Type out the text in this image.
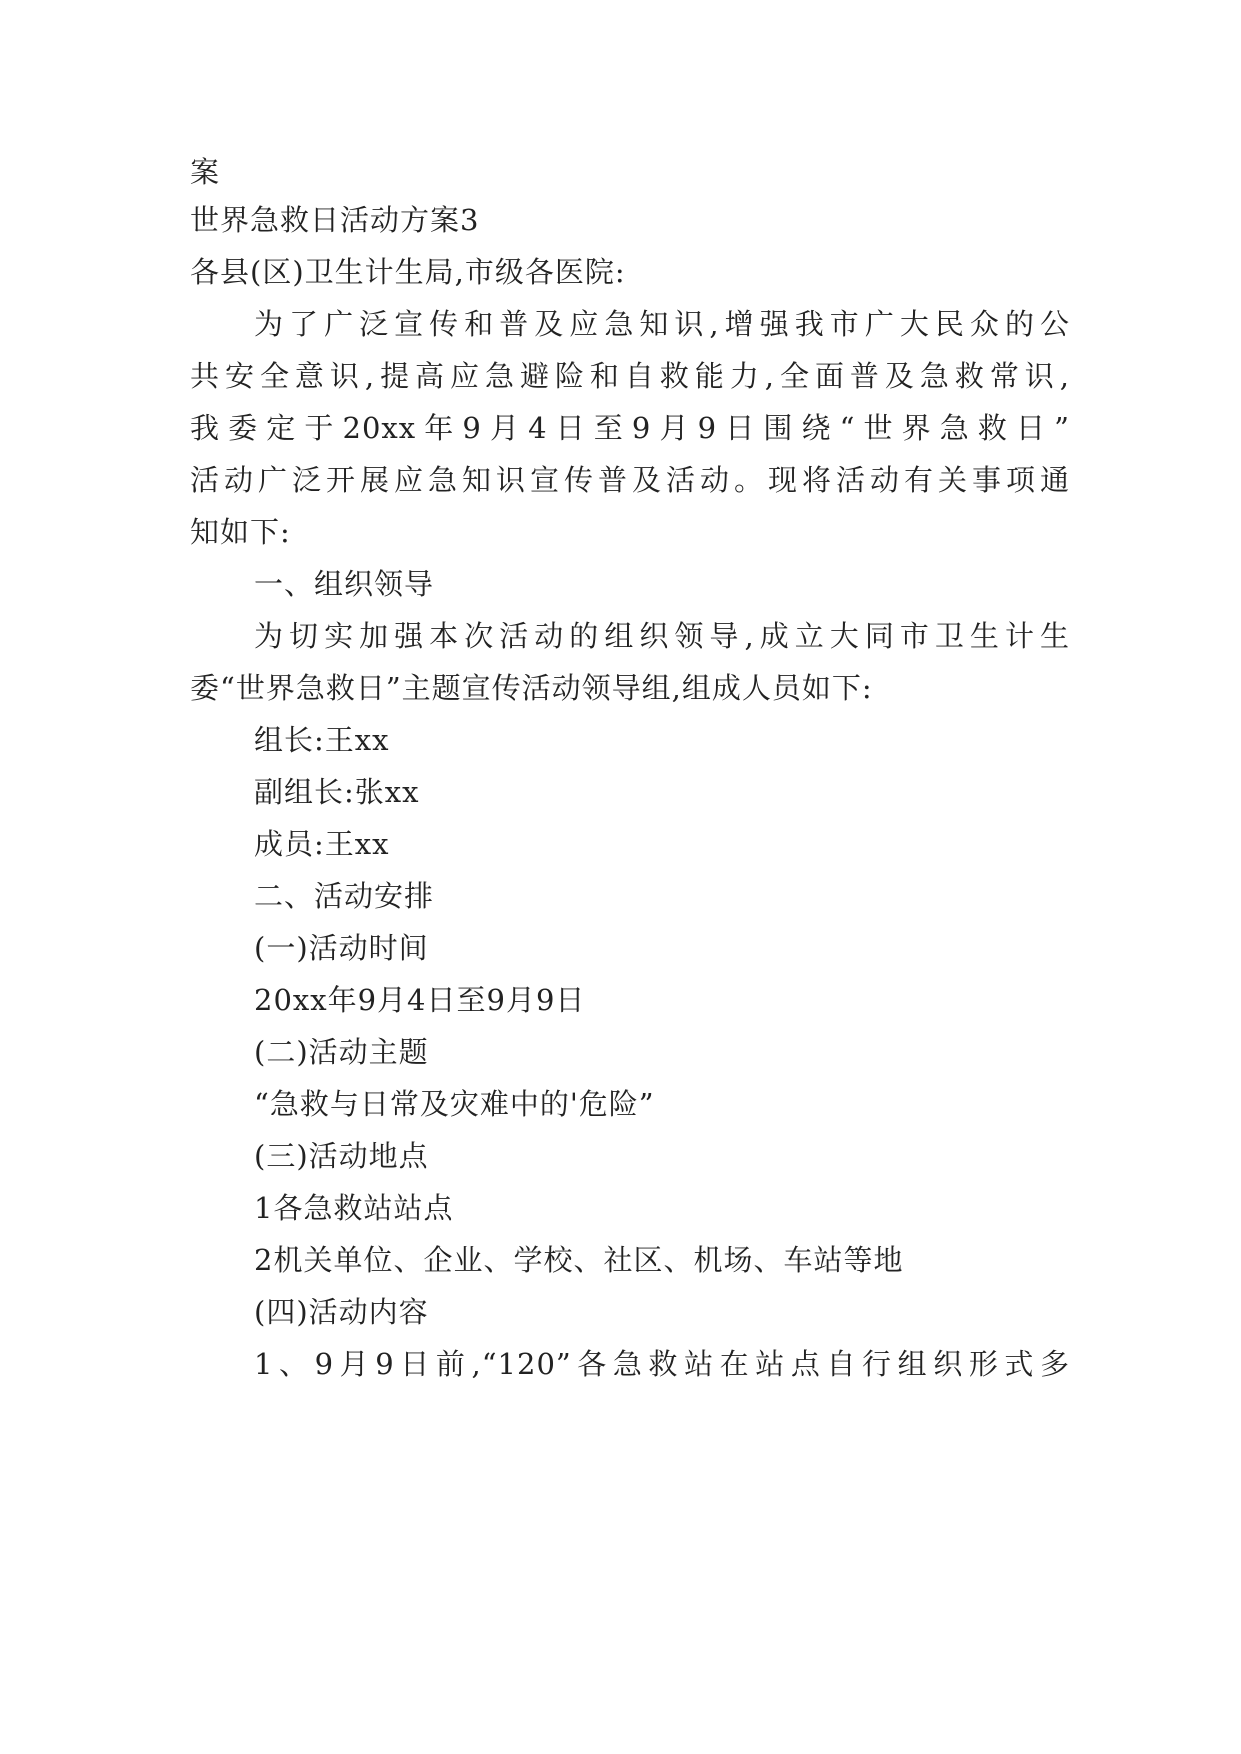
案
世界急救日活动方案3
各县(区)卫生计生局,市级各医院:
为了广泛宣传和普及应急知识,增强我市广大民众的公
共安全意识,提高应急避险和自救能力,全面普及急救常识,
我委定于20xx年9月4日至9月9日围绕“世界急救日”
活动广泛开展应急知识宣传普及活动。现将活动有关事项通
知如下:
一、组织领导
为切实加强本次活动的组织领导,成立大同市卫生计生
委“世界急救日”主题宣传活动领导组,组成人员如下:
组长:王xx
副组长:张xx
成员:王xx
二、活动安排
(一)活动时间
20xx年9月4日至9月9日
(二)活动主题
“急救与日常及灾难中的'危险”
(三)活动地点
1各急救站站点
2机关单位、企业、学校、社区、机场、车站等地
(四)活动内容
1、9月9日前,“120”各急救站在站点自行组织形式多
